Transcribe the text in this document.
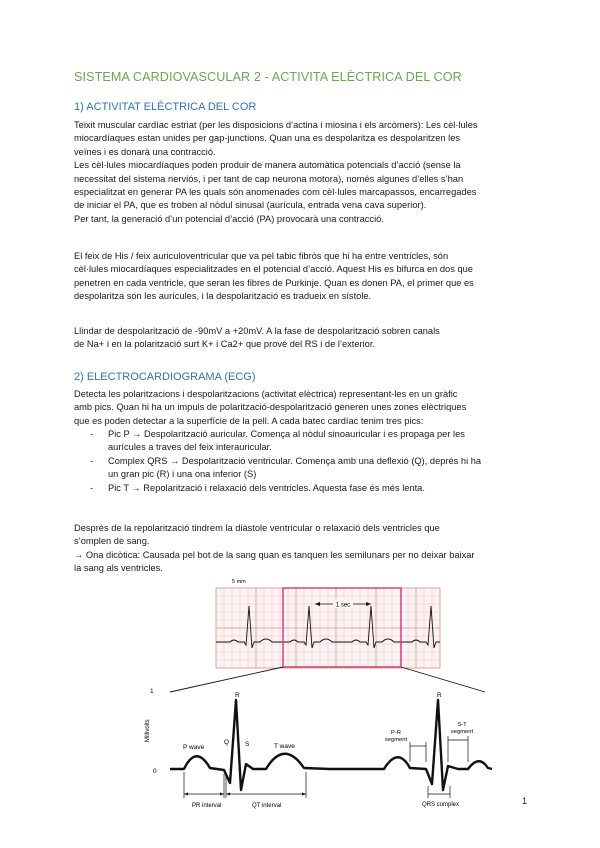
SISTEMA CARDIOVASCULAR 2 - ACTIVITA ELÈCTRICA DEL COR
1) ACTIVITAT ELÈCTRICA DEL COR

Teixit muscular cardíac estriat (per les disposicions d’actina i miosina i els arcòmers): Les cèl·lules
miocardíaques estan unides per gap-junctions. Quan una es despolaritza es despolaritzen les
veïnes i es donarà una contracció.
Les cèl·lules miocardíaques poden produir de manera automàtica potencials d’acció (sense la
necessitat del sistema nerviós, i per tant de cap neurona motora), només algunes d’elles s’han
especialitzat en generar PA les quals són anomenades com cèl·lules marcapassos, encarregades
de iniciar el PA, que es troben al nòdul sinusal (aurícula, entrada vena cava superior).
Per tant, la generació d’un potencial d’acció (PA) provocarà una contracció.

El feix de His / feix auriculoventricular que va pel tabic fibròs que hi ha entre ventricles, són
cèl·lules miocardíaques especialitzades en el potencial d’acció. Aquest His es bifurca en dos que
penetren en cada ventricle, que seran les fibres de Purkinje. Quan es donen PA, el primer que es
despolaritza són les aurícules, i la despolarització es tradueix en sístole.

Llindar de despolarització de -90mV a +20mV. A la fase de despolarització sobren canals
de Na+ i en la polarització surt K+ i Ca2+ que prové del RS i de l’exterior.

2) ELECTROCARDIOGRAMA (ECG)

Detecta les polaritzacions i despolaritzacions (activitat elèctrica) representant-les en un gràfic
amb pics. Quan hi ha un impuls de polarització-despolarització generen unes zones elèctriques
que es poden detectar a la superfície de la pell. A cada batec cardíac tenim tres pics:

- Pic P → Despolarització auricular. Comença al nòdul sinoauricular i es propaga per les
aurícules a traves del feix interauricular.
- Complex QRS → Despolarització ventricular. Comença amb una deflexió (Q), deprés hi ha
un gran pic (R) i una ona inferior (S)
- Pic T → Repolarització i relaxació dels ventricles. Aquesta fase és més lenta.

Després de la repolarització tindrem la diàstole ventricular o relaxació dels ventricles que
s’omplen de sang.
→ Ona dicòtica: Causada pel bot de la sang quan es tanquen les semilunars per no deixar baixar
la sang als ventricles.

1 sec
5 mm
1
0
Millivolts
R	R
P wave
Q S	T wave
P-R
segment
S-T
segment
PR interval	QT interval	QRS complex	1
